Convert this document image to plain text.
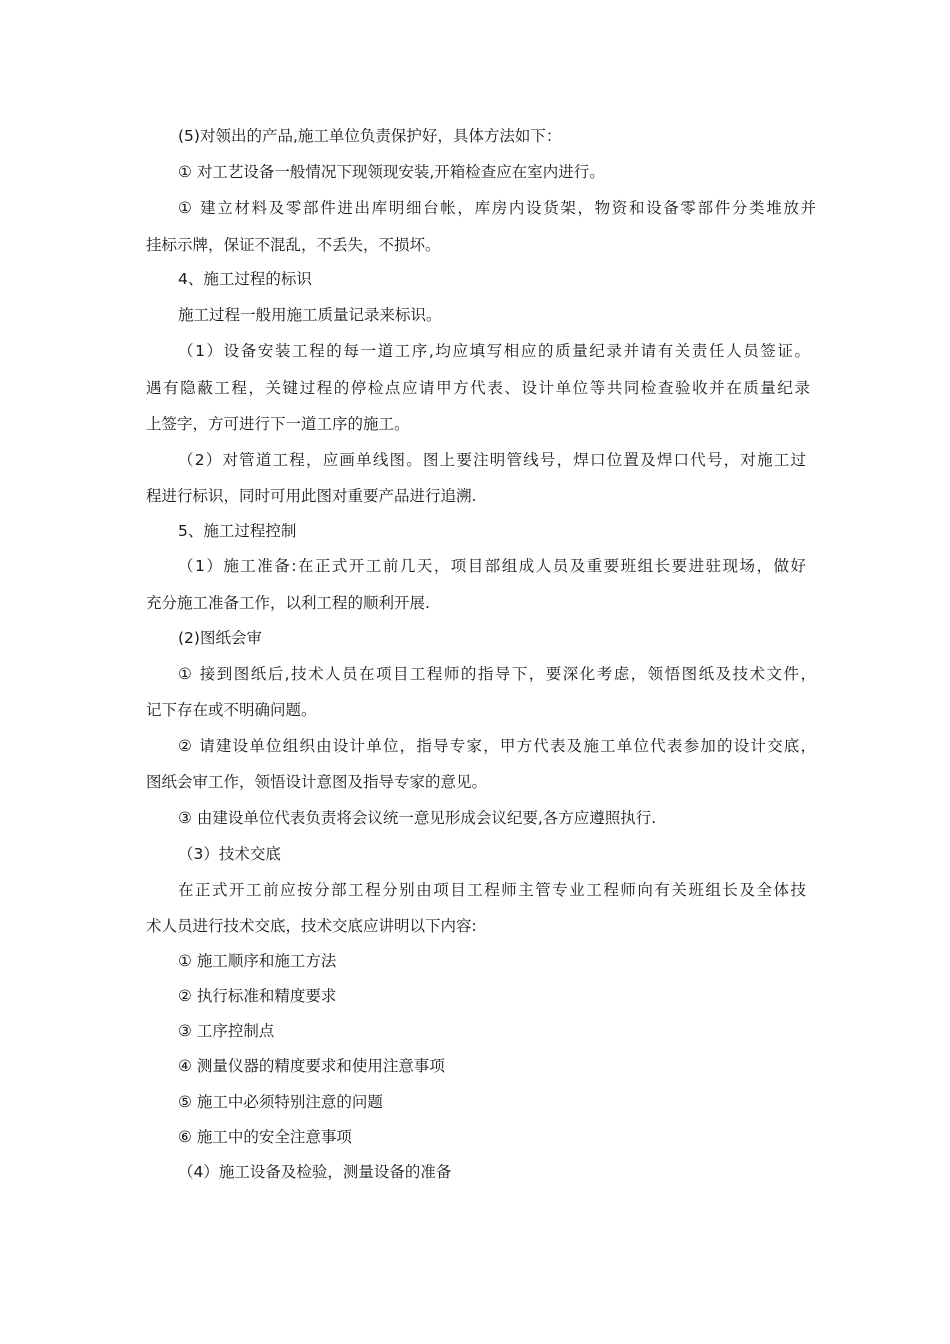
(5)对领出的产品,施工单位负责保护好，具体方法如下：
① 对工艺设备一般情况下现领现安装,开箱检查应在室内进行。
① 建立材料及零部件进出库明细台帐，库房内设货架，物资和设备零部件分类堆放并
挂标示牌，保证不混乱，不丢失，不损坏。
4、施工过程的标识
施工过程一般用施工质量记录来标识。
（1）设备安装工程的每一道工序,均应填写相应的质量纪录并请有关责任人员签证。
遇有隐蔽工程，关键过程的停检点应请甲方代表、设计单位等共同检查验收并在质量纪录
上签字，方可进行下一道工序的施工。
（2）对管道工程，应画单线图。图上要注明管线号，焊口位置及焊口代号，对施工过
程进行标识，同时可用此图对重要产品进行追溯.
5、施工过程控制
（1）施工准备:在正式开工前几天，项目部组成人员及重要班组长要进驻现场，做好
充分施工准备工作，以利工程的顺利开展.
(2)图纸会审
① 接到图纸后,技术人员在项目工程师的指导下，要深化考虑，领悟图纸及技术文件，
记下存在或不明确问题。
② 请建设单位组织由设计单位，指导专家，甲方代表及施工单位代表参加的设计交底，
图纸会审工作，领悟设计意图及指导专家的意见。
③ 由建设单位代表负责将会议统一意见形成会议纪要,各方应遵照执行.
（3）技术交底
在正式开工前应按分部工程分别由项目工程师主管专业工程师向有关班组长及全体技
术人员进行技术交底，技术交底应讲明以下内容:
① 施工顺序和施工方法
② 执行标准和精度要求
③ 工序控制点
④ 测量仪器的精度要求和使用注意事项
⑤ 施工中必须特别注意的问题
⑥ 施工中的安全注意事项
（4）施工设备及检验，测量设备的准备
